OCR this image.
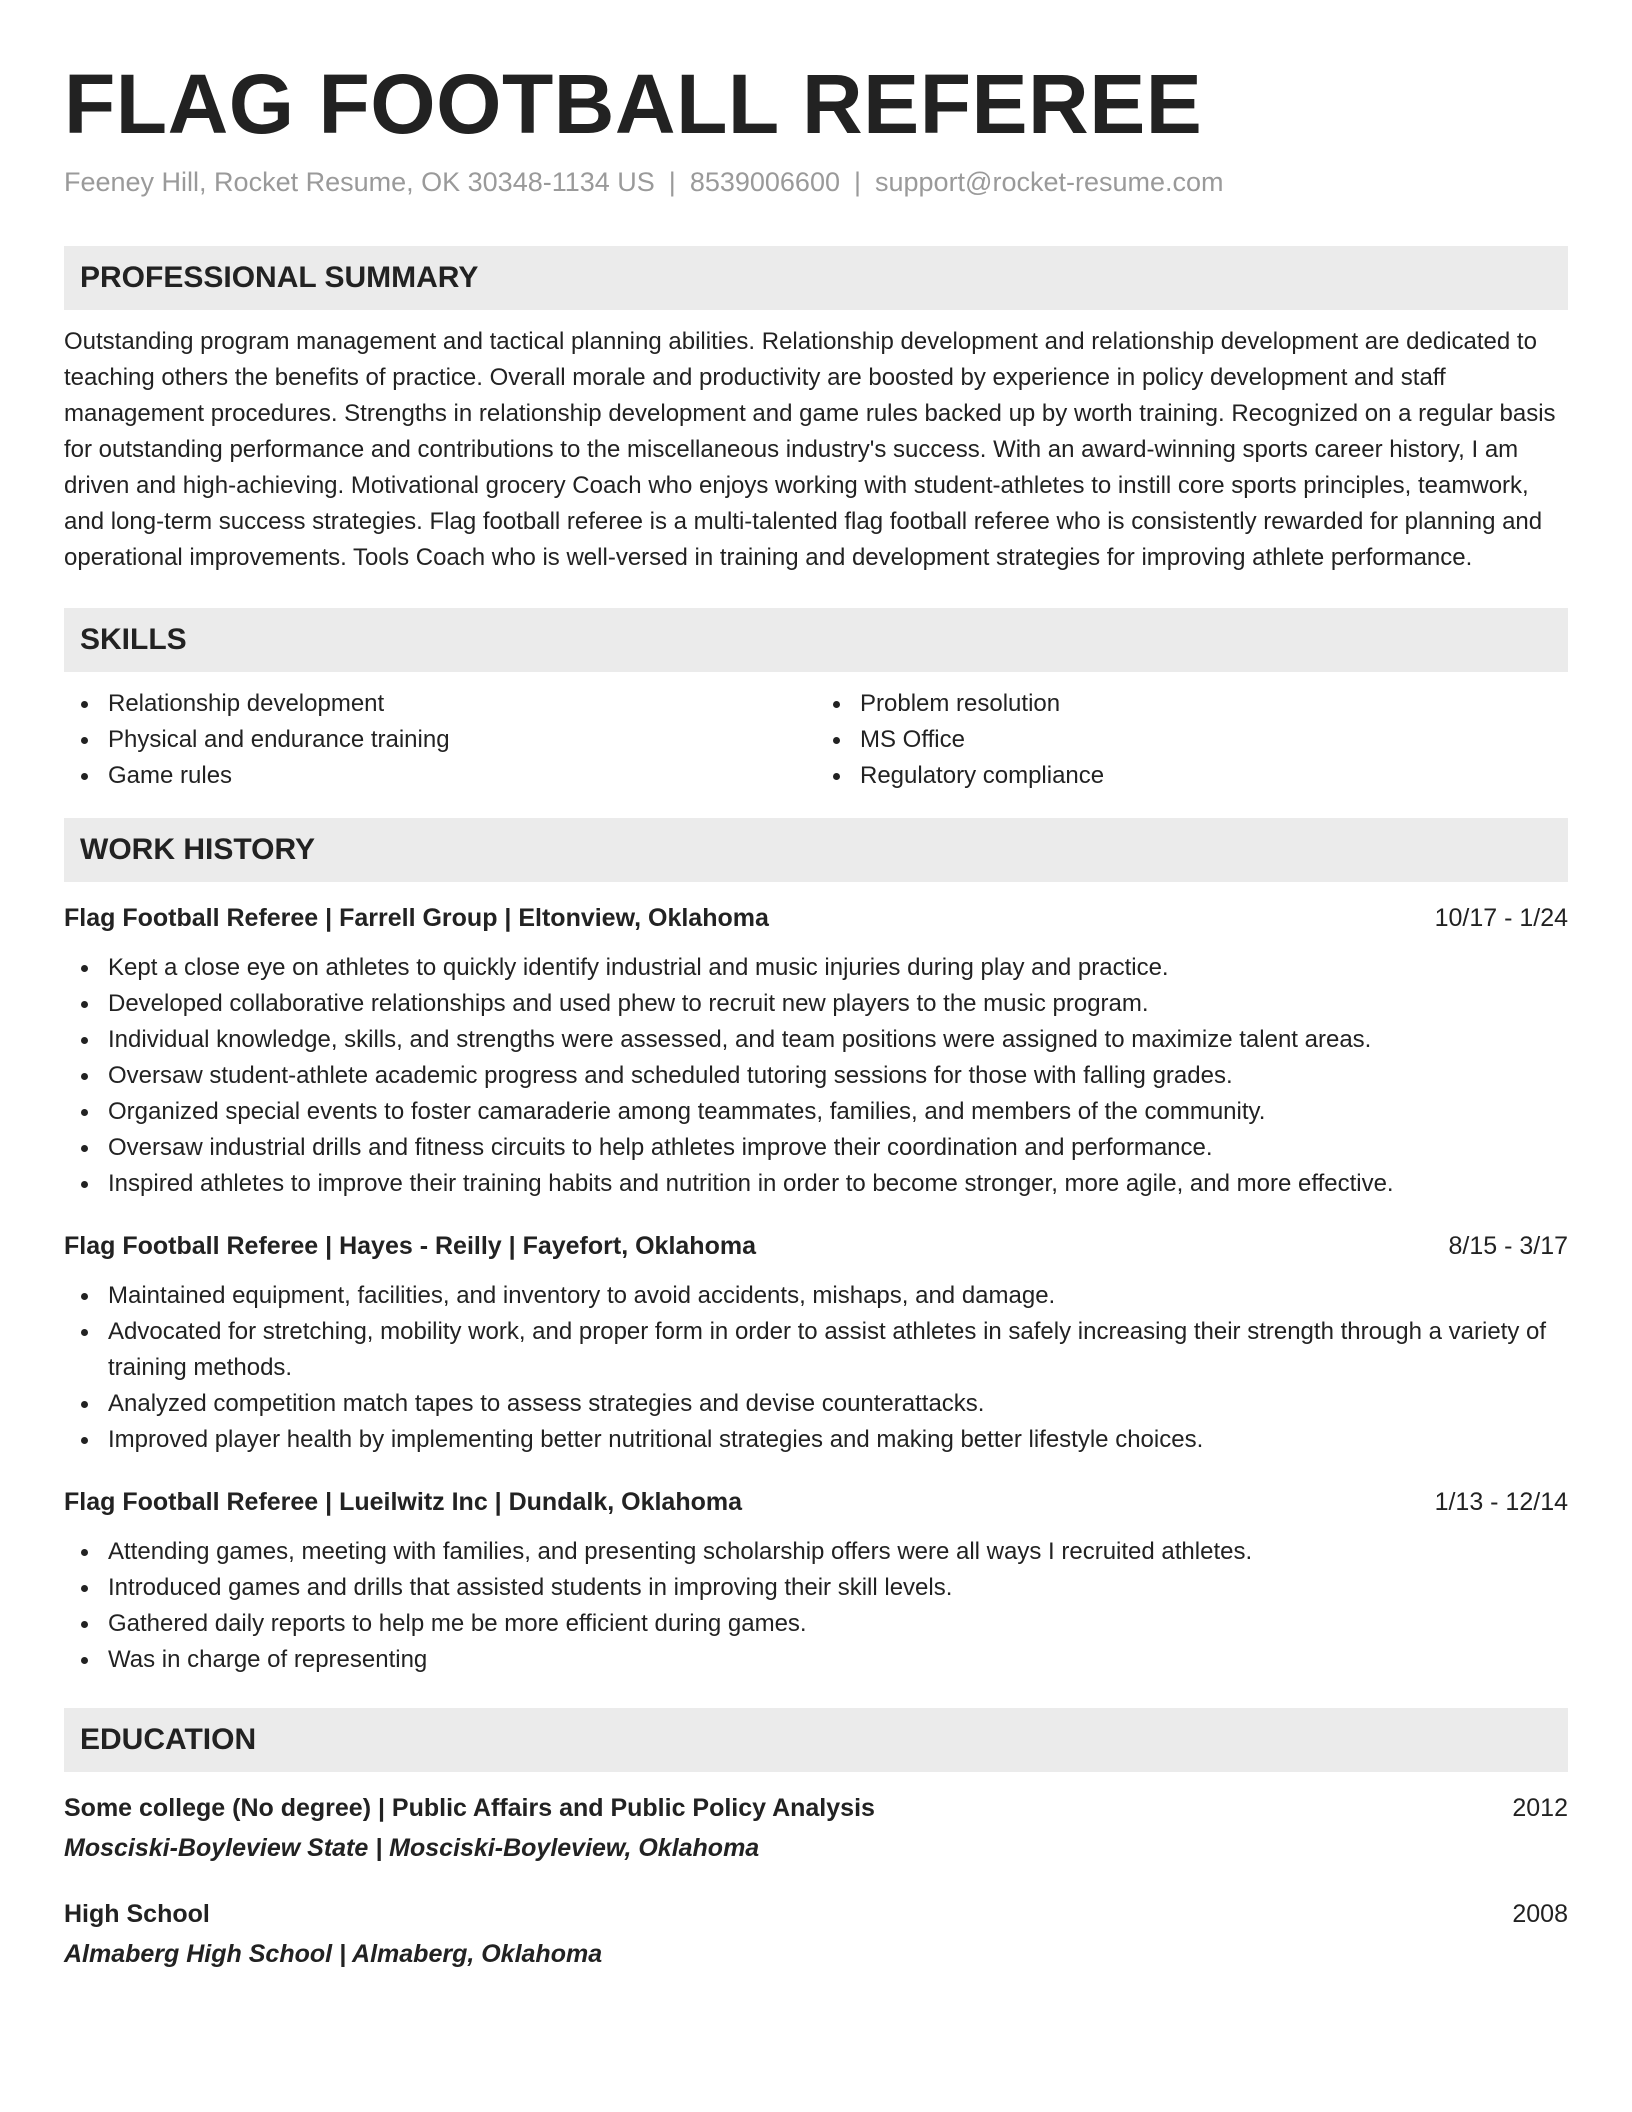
FLAG FOOTBALL REFEREE
Feeney Hill, Rocket Resume, OK 30348-1134 US | 8539006600 | support@rocket-resume.com
PROFESSIONAL SUMMARY

Outstanding program management and tactical planning abilities. Relationship development and relationship development are dedicated to teaching others the benefits of practice. Overall morale and productivity are boosted by experience in policy development and staff management procedures. Strengths in relationship development and game rules backed up by worth training. Recognized on a regular basis for outstanding performance and contributions to the miscellaneous industry's success. With an award-winning sports career history, I am driven and high-achieving. Motivational grocery Coach who enjoys working with student-athletes to instill core sports principles, teamwork, and long-term success strategies. Flag football referee is a multi-talented flag football referee who is consistently rewarded for planning and operational improvements. Tools Coach who is well-versed in training and development strategies for improving athlete performance.

SKILLS
Relationship development
Physical and endurance training
Game rules
Problem resolution
MS Office
Regulatory compliance
WORK HISTORY
Flag Football Referee | Farrell Group | Eltonview, Oklahoma	10/17 - 1/24
Kept a close eye on athletes to quickly identify industrial and music injuries during play and practice.
Developed collaborative relationships and used phew to recruit new players to the music program.
Individual knowledge, skills, and strengths were assessed, and team positions were assigned to maximize talent areas.
Oversaw student-athlete academic progress and scheduled tutoring sessions for those with falling grades.
Organized special events to foster camaraderie among teammates, families, and members of the community.
Oversaw industrial drills and fitness circuits to help athletes improve their coordination and performance.
Inspired athletes to improve their training habits and nutrition in order to become stronger, more agile, and more effective.
Flag Football Referee | Hayes - Reilly | Fayefort, Oklahoma	8/15 - 3/17
Maintained equipment, facilities, and inventory to avoid accidents, mishaps, and damage.
Advocated for stretching, mobility work, and proper form in order to assist athletes in safely increasing their strength through a variety of training methods.
Analyzed competition match tapes to assess strategies and devise counterattacks.
Improved player health by implementing better nutritional strategies and making better lifestyle choices.
Flag Football Referee | Lueilwitz Inc | Dundalk, Oklahoma	1/13 - 12/14
Attending games, meeting with families, and presenting scholarship offers were all ways I recruited athletes.
Introduced games and drills that assisted students in improving their skill levels.
Gathered daily reports to help me be more efficient during games.
Was in charge of representing
EDUCATION
Some college (No degree) | Public Affairs and Public Policy Analysis	2012
Mosciski-Boyleview State | Mosciski-Boyleview, Oklahoma
High School	2008
Almaberg High School | Almaberg, Oklahoma
